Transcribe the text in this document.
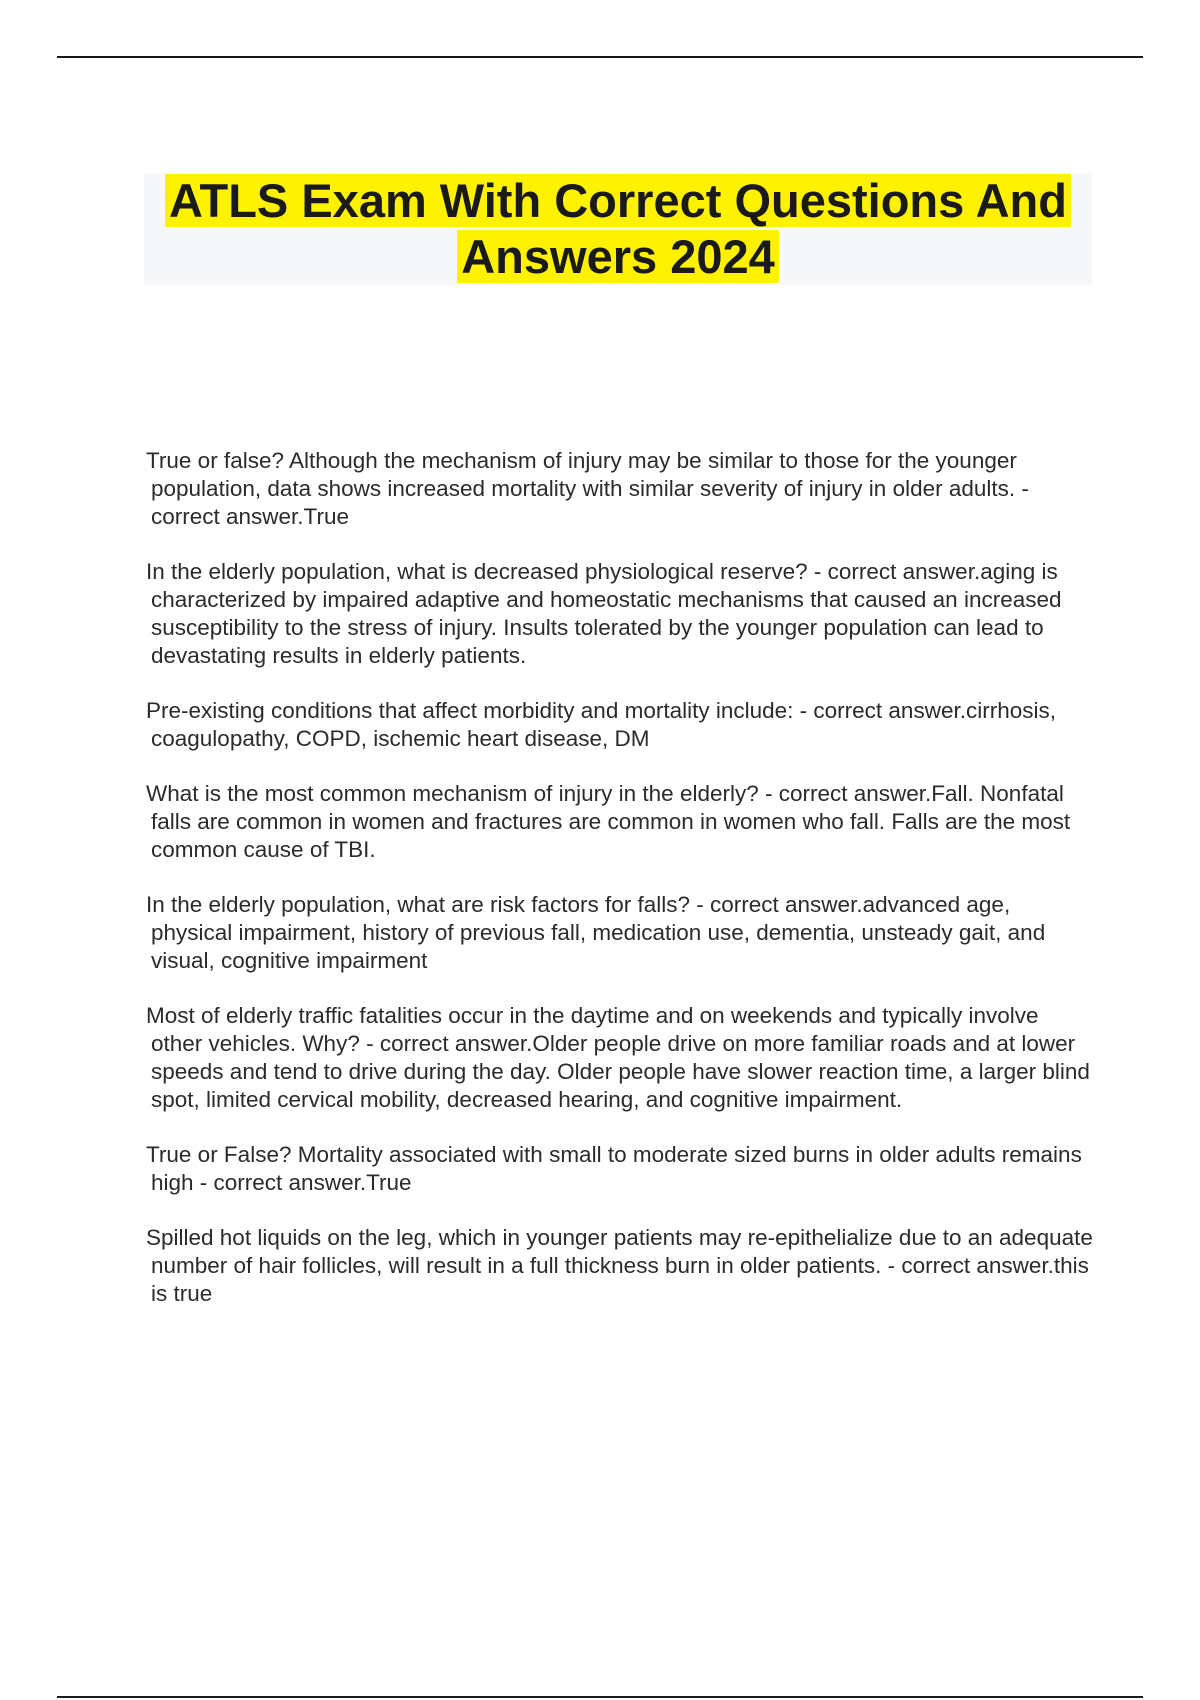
ATLS Exam With Correct Questions And Answers 2024

True or false? Although the mechanism of injury may be similar to those for the younger population, data shows increased mortality with similar severity of injury in older adults. - correct answer.True

In the elderly population, what is decreased physiological reserve? - correct answer.aging is characterized by impaired adaptive and homeostatic mechanisms that caused an increased susceptibility to the stress of injury. Insults tolerated by the younger population can lead to devastating results in elderly patients.

Pre-existing conditions that affect morbidity and mortality include: - correct answer.cirrhosis, coagulopathy, COPD, ischemic heart disease, DM

What is the most common mechanism of injury in the elderly? - correct answer.Fall. Nonfatal falls are common in women and fractures are common in women who fall. Falls are the most common cause of TBI.

In the elderly population, what are risk factors for falls? - correct answer.advanced age, physical impairment, history of previous fall, medication use, dementia, unsteady gait, and visual, cognitive impairment

Most of elderly traffic fatalities occur in the daytime and on weekends and typically involve other vehicles. Why? - correct answer.Older people drive on more familiar roads and at lower speeds and tend to drive during the day. Older people have slower reaction time, a larger blind spot, limited cervical mobility, decreased hearing, and cognitive impairment.

True or False? Mortality associated with small to moderate sized burns in older adults remains high - correct answer.True

Spilled hot liquids on the leg, which in younger patients may re-epithelialize due to an adequate number of hair follicles, will result in a full thickness burn in older patients. - correct answer.this is true
